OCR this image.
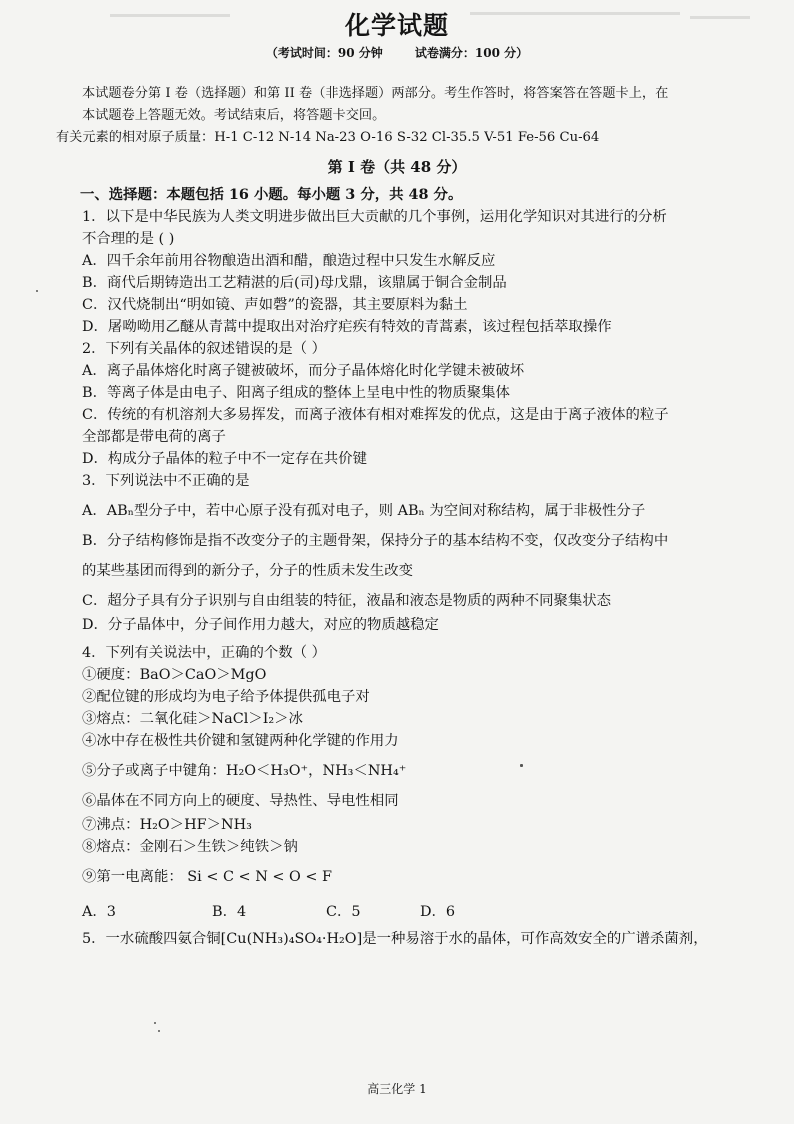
化学试题
（考试时间：90 分钟	试卷满分：100 分）
本试题卷分第 I 卷（选择题）和第 II 卷（非选择题）两部分。考生作答时，将答案答在答题卡上，在
本试题卷上答题无效。考试结束后，将答题卡交回。
有关元素的相对原子质量：H-1 C-12 N-14 Na-23 O-16 S-32 Cl-35.5 V-51 Fe-56 Cu-64
第 I 卷（共 48 分）
一、选择题：本题包括 16 小题。每小题 3 分，共 48 分。
1．以下是中华民族为人类文明进步做出巨大贡献的几个事例，运用化学知识对其进行的分析
不合理的是 ( )
A．四千余年前用谷物酿造出酒和醋，酿造过程中只发生水解反应
B．商代后期铸造出工艺精湛的后(司)母戊鼎，该鼎属于铜合金制品
C．汉代烧制出“明如镜、声如磬”的瓷器，其主要原料为黏土
D．屠呦呦用乙醚从青蒿中提取出对治疗疟疾有特效的青蒿素，该过程包括萃取操作
2．下列有关晶体的叙述错误的是（ ）
A．离子晶体熔化时离子键被破坏，而分子晶体熔化时化学键未被破坏
B．等离子体是由电子、阳离子组成的整体上呈电中性的物质聚集体
C．传统的有机溶剂大多易挥发，而离子液体有相对难挥发的优点，这是由于离子液体的粒子
全部都是带电荷的离子
D．构成分子晶体的粒子中不一定存在共价键
3．下列说法中不正确的是
A．ABₙ型分子中，若中心原子没有孤对电子，则 ABₙ 为空间对称结构，属于非极性分子
B．分子结构修饰是指不改变分子的主题骨架，保持分子的基本结构不变，仅改变分子结构中
的某些基团而得到的新分子，分子的性质未发生改变
C．超分子具有分子识别与自由组装的特征，液晶和液态是物质的两种不同聚集状态
D．分子晶体中，分子间作用力越大，对应的物质越稳定
4．下列有关说法中，正确的个数（ ）
①硬度：BaO＞CaO＞MgO
②配位键的形成均为电子给予体提供孤电子对
③熔点：二氧化硅＞NaCl＞I₂＞冰
④冰中存在极性共价键和氢键两种化学键的作用力
⑤分子或离子中键角：H₂O＜H₃O⁺，NH₃＜NH₄⁺
⑥晶体在不同方向上的硬度、导热性、导电性相同
⑦沸点：H₂O＞HF＞NH₃
⑧熔点：金刚石＞生铁＞纯铁＞钠
⑨第一电离能： Si < C < N < O < F
A．3	B．4	C．5	D．6
5．一水硫酸四氨合铜[Cu(NH₃)₄SO₄·H₂O]是一种易溶于水的晶体，可作高效安全的广谱杀菌剂，
高三化学 1
